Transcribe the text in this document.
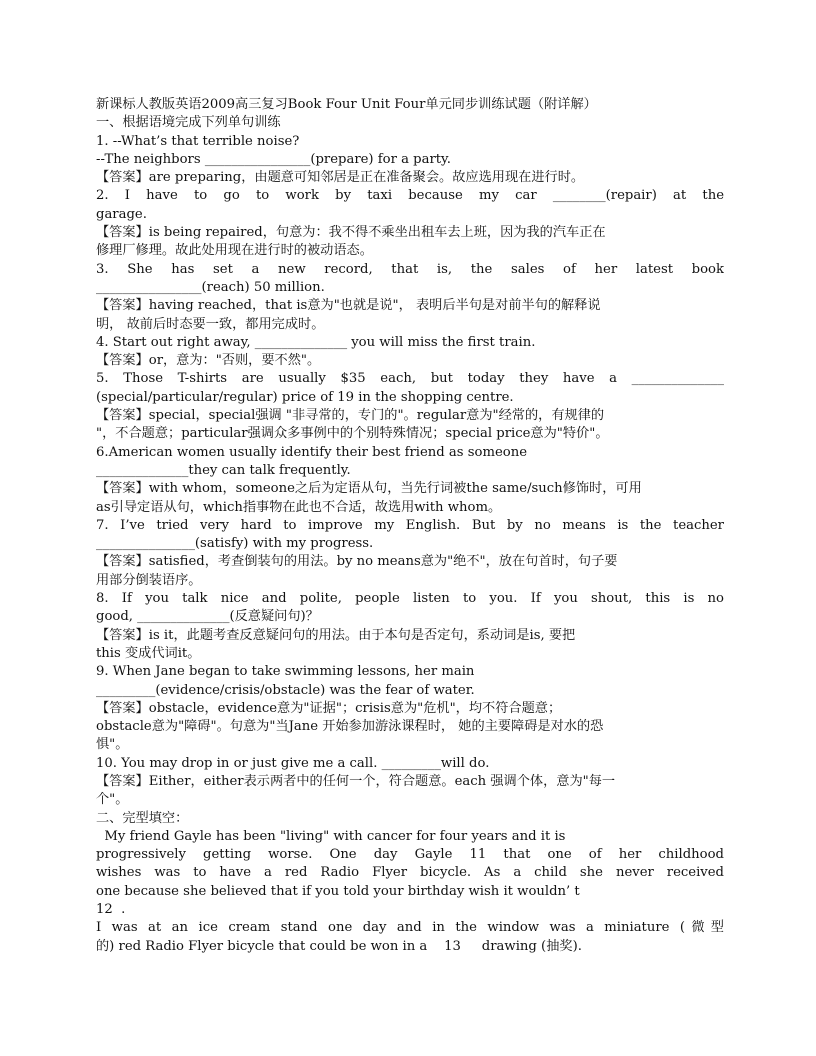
新课标人教版英语2009高三复习Book Four Unit Four单元同步训练试题（附详解）
一、根据语境完成下列单句训练
1. --What’s that terrible noise?
--The neighbors ________________(prepare) for a party.
【答案】are preparing，由题意可知邻居是正在准备聚会。故应选用现在进行时。
2. I have to go to work by taxi because my car ________(repair) at the
garage.
【答案】is being repaired，句意为：我不得不乘坐出租车去上班，因为我的汽车正在
修理厂修理。故此处用现在进行时的被动语态。
3. She has set a new record, that is, the sales of her latest book
________________(reach) 50 million.
【答案】having reached，that is意为"也就是说"， 表明后半句是对前半句的解释说
明， 故前后时态要一致，都用完成时。
4. Start out right away, ______________ you will miss the first train.
【答案】or，意为："否则，要不然"。
5. Those T-shirts are usually $35 each, but today they have a ______________
(special/particular/regular) price of 19 in the shopping centre.
【答案】special，special强调 "非寻常的，专门的"。regular意为"经常的，有规律的
"，不合题意；particular强调众多事例中的个别特殊情况；special price意为"特价"。
6.American women usually identify their best friend as someone
______________they can talk frequently.
【答案】with whom，someone之后为定语从句，当先行词被the same/such修饰时，可用
as引导定语从句，which指事物在此也不合适，故选用with whom。
7. I’ve tried very hard to improve my English. But by no means is the teacher
_______________(satisfy) with my progress.
【答案】satisfied，考查倒装句的用法。by no means意为"绝不"，放在句首时，句子要
用部分倒装语序。
8. If you talk nice and polite, people listen to you. If you shout, this is no
good, ______________(反意疑问句)？
【答案】is it，此题考查反意疑问句的用法。由于本句是否定句，系动词是is, 要把
this 变成代词it。
9. When Jane began to take swimming lessons, her main
_________(evidence/crisis/obstacle) was the fear of water.
【答案】obstacle，evidence意为"证据"；crisis意为"危机"，均不符合题意；
obstacle意为"障碍"。句意为"当Jane 开始参加游泳课程时， 她的主要障碍是对水的恐
惧"。
10. You may drop in or just give me a call. _________will do.
【答案】Either，either表示两者中的任何一个，符合题意。each 强调个体，意为"每一
个"。
二、完型填空：
My friend Gayle has been "living" with cancer for four years and it is
progressively getting worse. One day Gayle 11 that one of her childhood
wishes was to have a red Radio Flyer bicycle. As a child she never received
one because she believed that if you told your birthday wish it wouldn’ t
12  .
I was at an ice cream stand one day and in the window was a miniature (微型
的) red Radio Flyer bicycle that could be won in a    13     drawing (抽奖).
